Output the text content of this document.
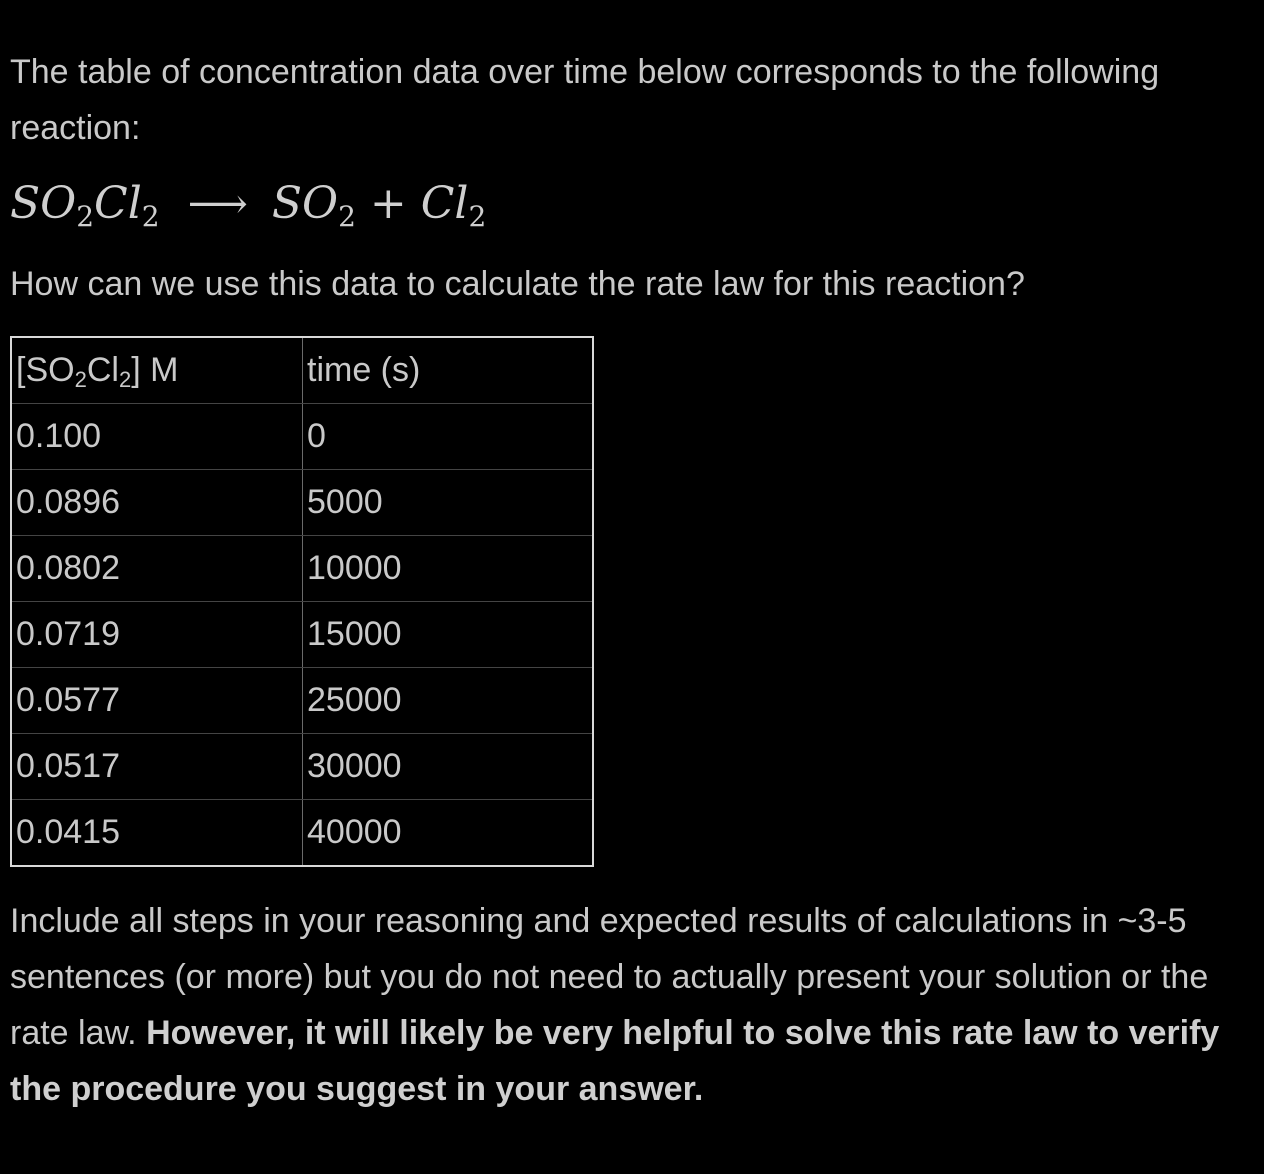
The table of concentration data over time below corresponds to the following reaction:

$SO_2Cl_2$ ⟶ $SO_2 + Cl_2$

How can we use this data to calculate the rate law for this reaction?

$[SO_2Cl_2]$ M	time (s)
0.100	0
0.0896	5000
0.0802	10000
0.0719	15000
0.0577	25000
0.0517	30000
0.0415	40000

Include all steps in your reasoning and expected results of calculations in ~3-5 sentences (or more) but you do not need to actually present your solution or the rate law. However, it will likely be very helpful to solve this rate law to verify the procedure you suggest in your answer.
